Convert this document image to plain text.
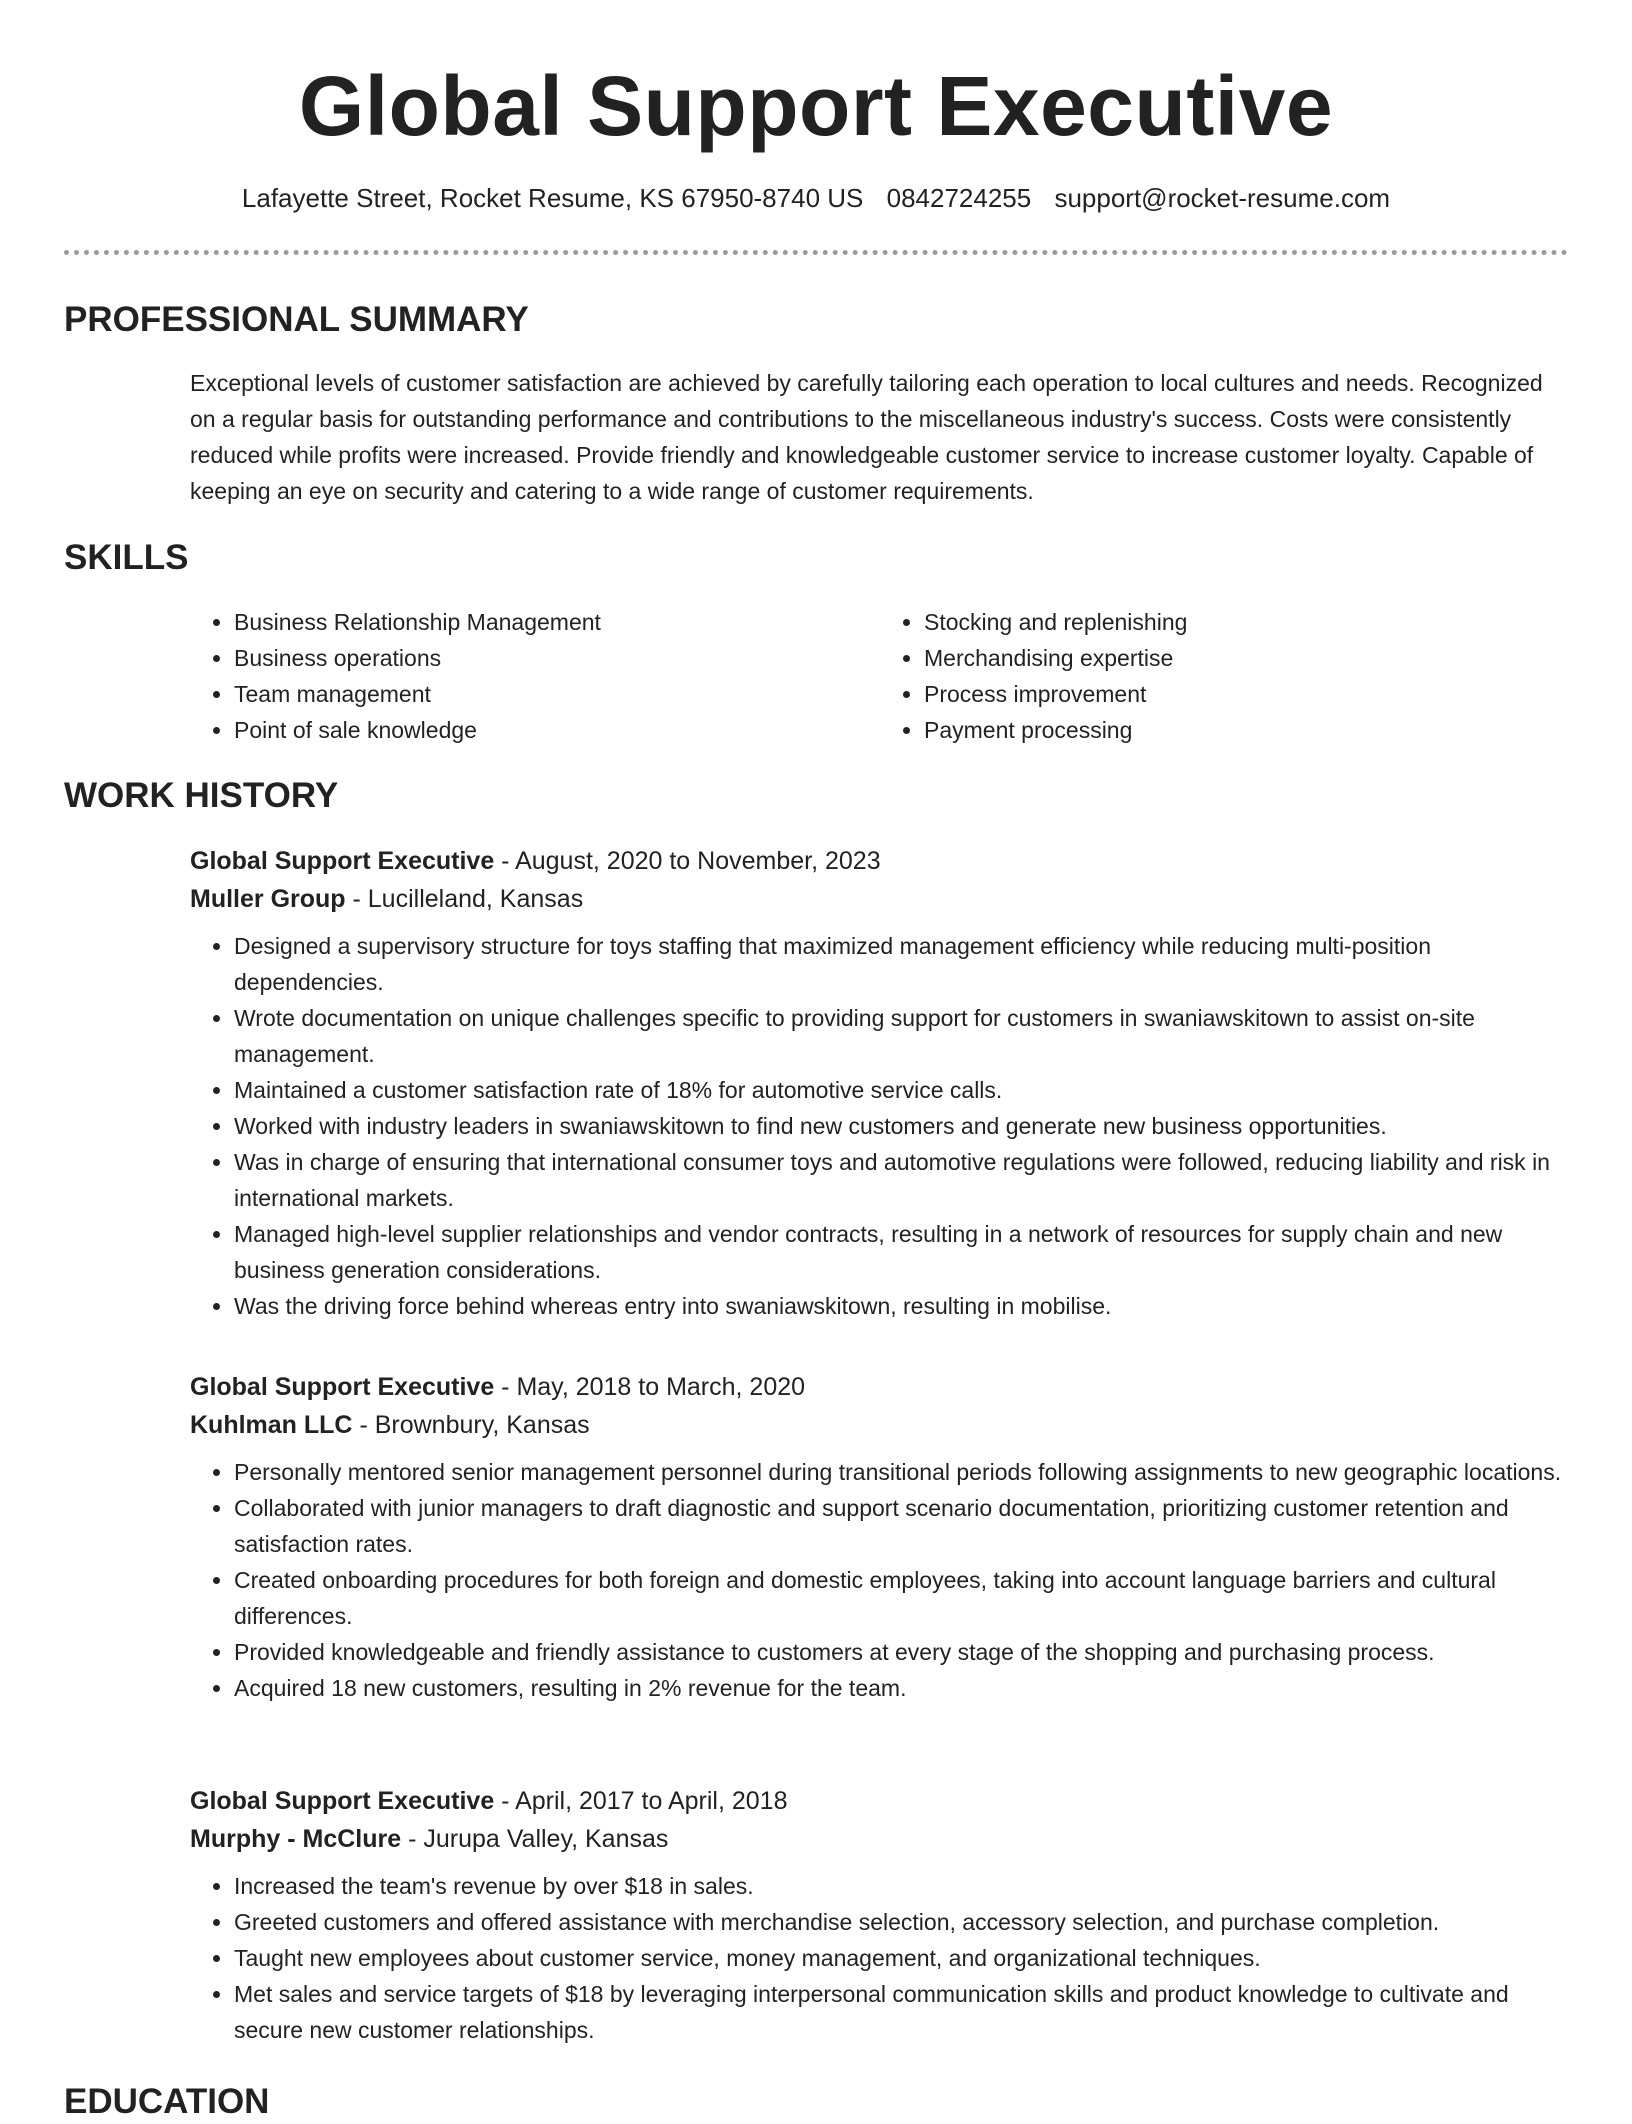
Global Support Executive
Lafayette Street, Rocket Resume, KS 67950-8740 US 0842724255 support@rocket-resume.com
PROFESSIONAL SUMMARY

Exceptional levels of customer satisfaction are achieved by carefully tailoring each operation to local cultures and needs. Recognized on a regular basis for outstanding performance and contributions to the miscellaneous industry's success. Costs were consistently reduced while profits were increased. Provide friendly and knowledgeable customer service to increase customer loyalty. Capable of keeping an eye on security and catering to a wide range of customer requirements.

SKILLS
• Business Relationship Management
• Business operations
• Team management
• Point of sale knowledge
• Stocking and replenishing
• Merchandising expertise
• Process improvement
• Payment processing
WORK HISTORY

Global Support Executive - August, 2020 to November, 2023

Muller Group - Lucilleland, Kansas

• Designed a supervisory structure for toys staffing that maximized management efficiency while reducing multi-position dependencies.
• Wrote documentation on unique challenges specific to providing support for customers in swaniawskitown to assist on-site management.
• Maintained a customer satisfaction rate of 18% for automotive service calls.
• Worked with industry leaders in swaniawskitown to find new customers and generate new business opportunities.
• Was in charge of ensuring that international consumer toys and automotive regulations were followed, reducing liability and risk in international markets.
• Managed high-level supplier relationships and vendor contracts, resulting in a network of resources for supply chain and new business generation considerations.
• Was the driving force behind whereas entry into swaniawskitown, resulting in mobilise.

Global Support Executive - May, 2018 to March, 2020

Kuhlman LLC - Brownbury, Kansas

• Personally mentored senior management personnel during transitional periods following assignments to new geographic locations.
• Collaborated with junior managers to draft diagnostic and support scenario documentation, prioritizing customer retention and satisfaction rates.
• Created onboarding procedures for both foreign and domestic employees, taking into account language barriers and cultural differences.
• Provided knowledgeable and friendly assistance to customers at every stage of the shopping and purchasing process.
• Acquired 18 new customers, resulting in 2% revenue for the team.

Global Support Executive - April, 2017 to April, 2018

Murphy - McClure - Jurupa Valley, Kansas

• Increased the team's revenue by over $18 in sales.
• Greeted customers and offered assistance with merchandise selection, accessory selection, and purchase completion.
• Taught new employees about customer service, money management, and organizational techniques.
• Met sales and service targets of $18 by leveraging interpersonal communication skills and product knowledge to cultivate and secure new customer relationships.
EDUCATION
